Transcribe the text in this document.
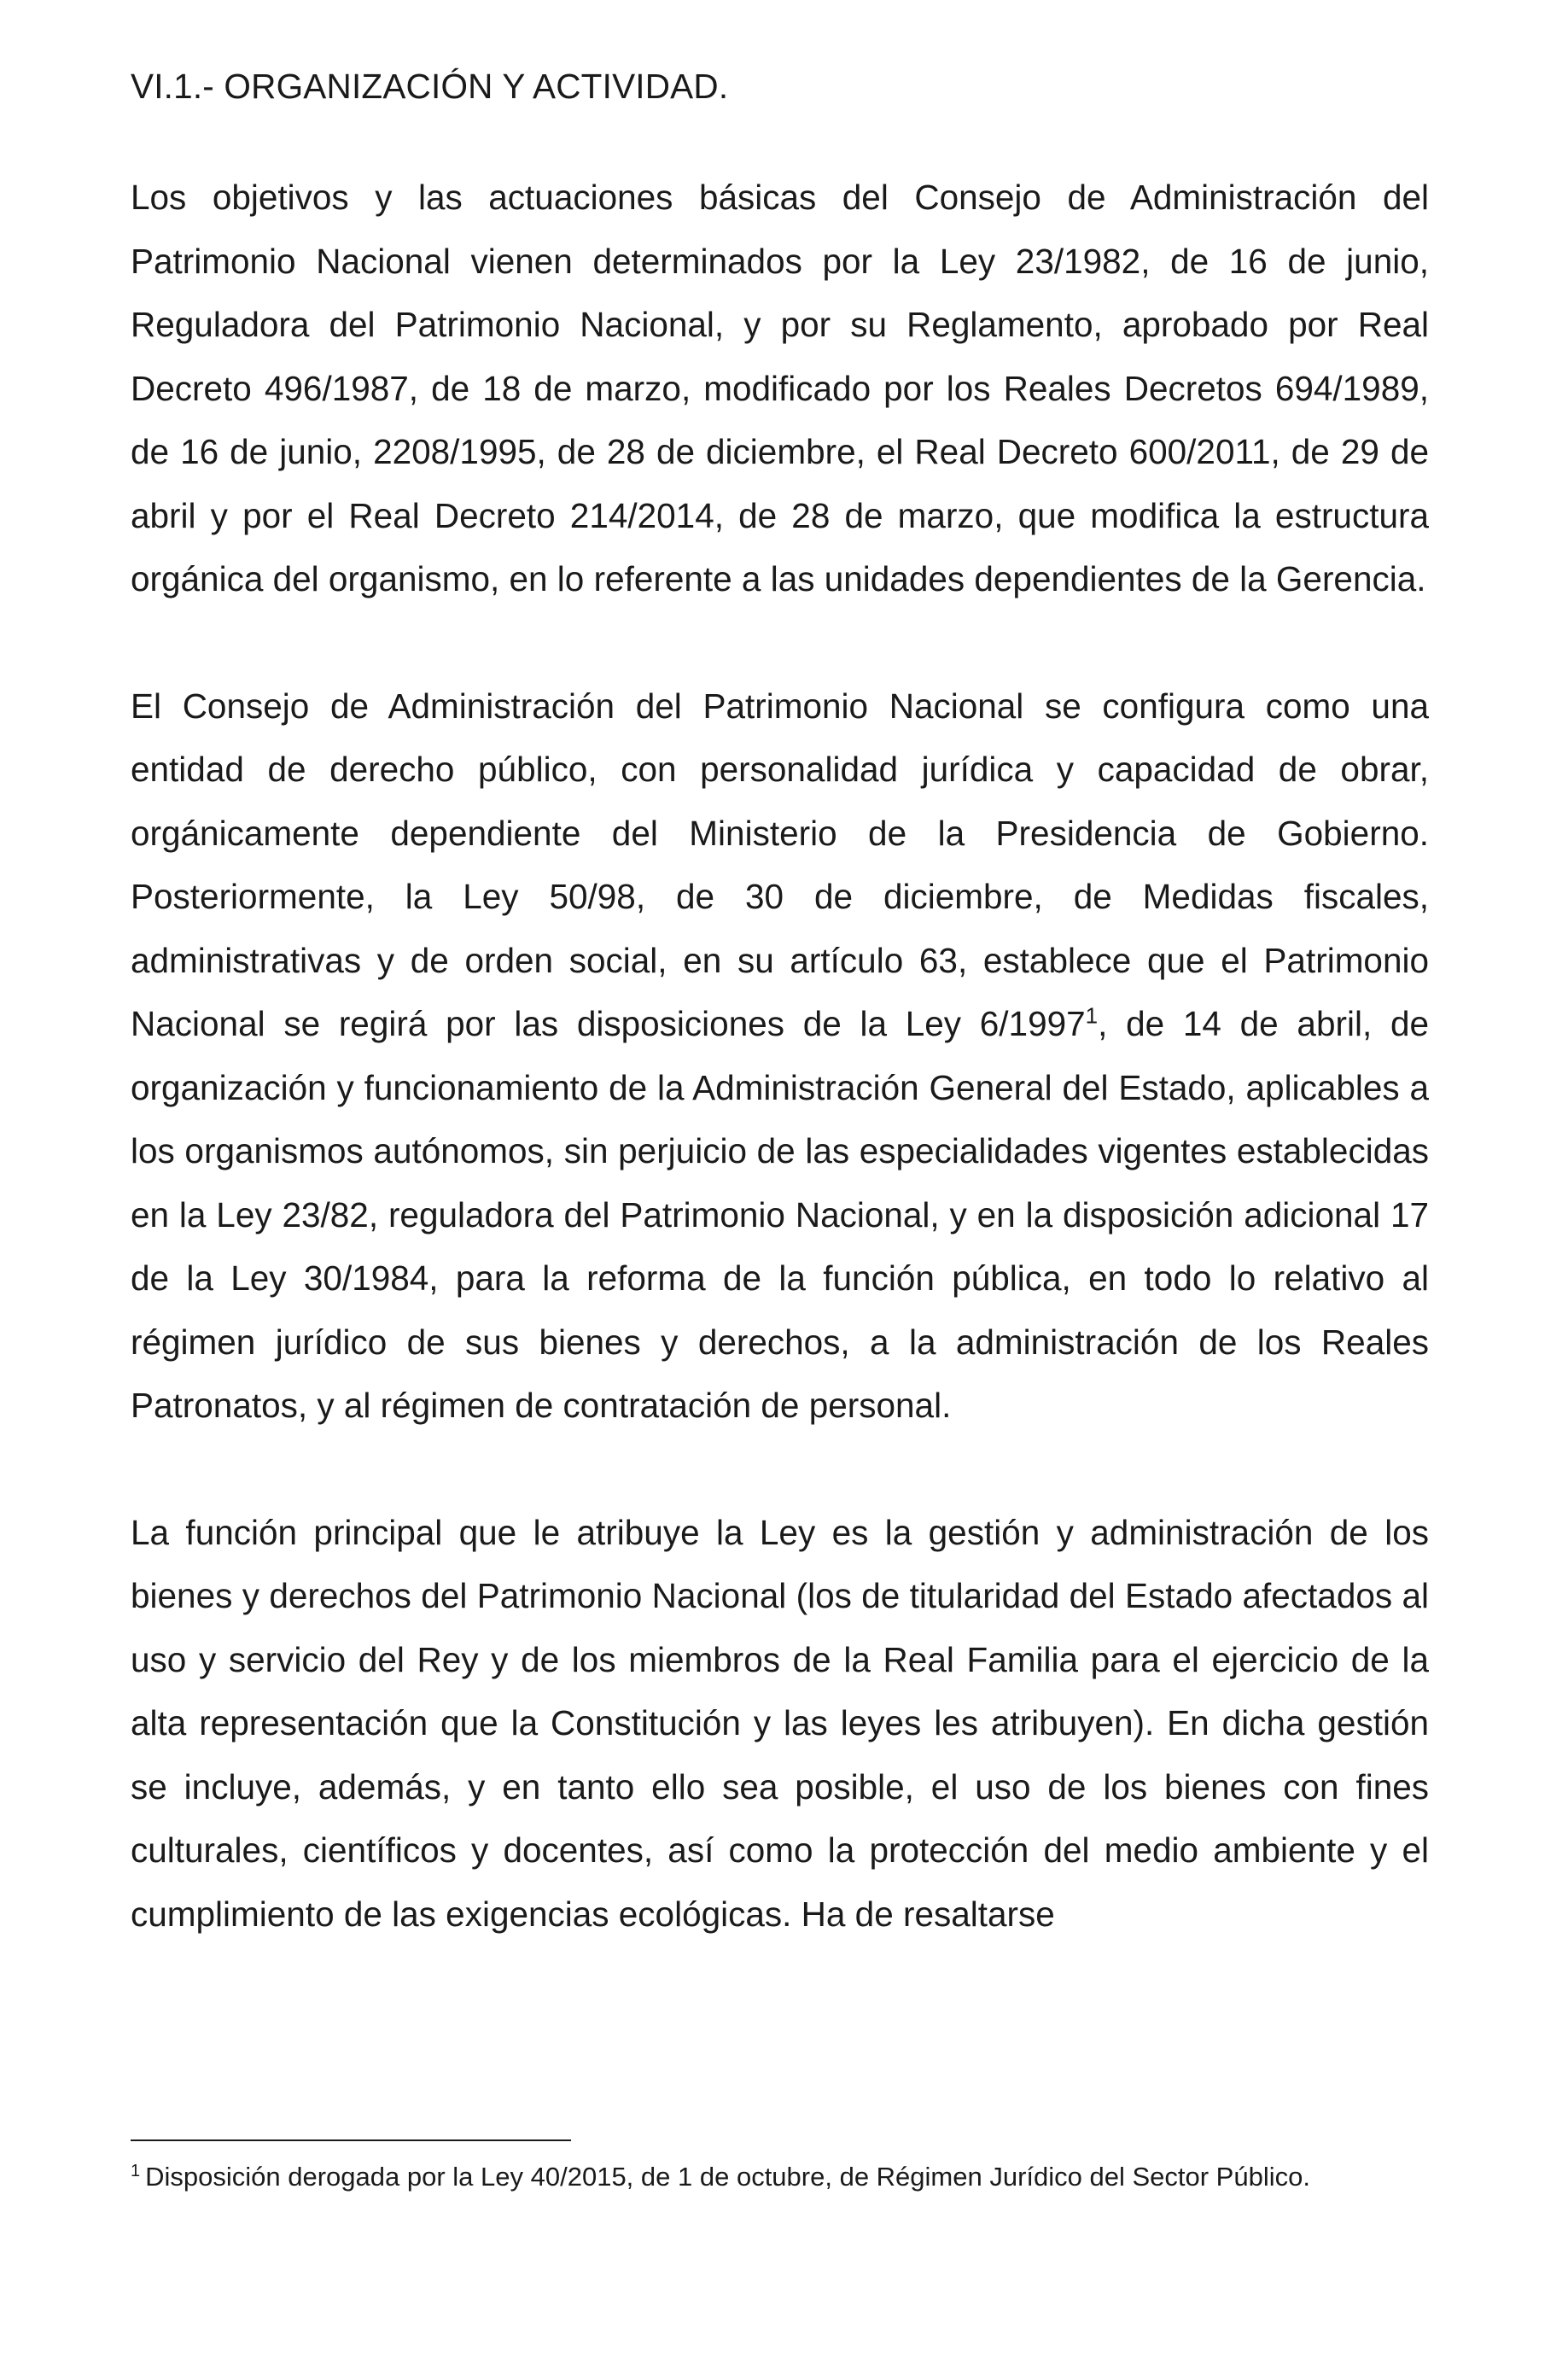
VI.1.- ORGANIZACIÓN Y ACTIVIDAD.

Los objetivos y las actuaciones básicas del Consejo de Administración del Patrimonio Nacional vienen determinados por la Ley 23/1982, de 16 de junio, Reguladora del Patrimonio Nacional, y por su Reglamento, aprobado por Real Decreto 496/1987, de 18 de marzo, modificado por los Reales Decretos 694/1989, de 16 de junio, 2208/1995, de 28 de diciembre, el Real Decreto 600/2011, de 29 de abril y por el Real Decreto 214/2014, de 28 de marzo, que modifica la estructura orgánica del organismo, en lo referente a las unidades dependientes de la Gerencia.

El Consejo de Administración del Patrimonio Nacional se configura como una entidad de derecho público, con personalidad jurídica y capacidad de obrar, orgánicamente dependiente del Ministerio de la Presidencia de Gobierno. Posteriormente, la Ley 50/98, de 30 de diciembre, de Medidas fiscales, administrativas y de orden social, en su artículo 63, establece que el Patrimonio Nacional se regirá por las disposiciones de la Ley 6/1997$^1$, de 14 de abril, de organización y funcionamiento de la Administración General del Estado, aplicables a los organismos autónomos, sin perjuicio de las especialidades vigentes establecidas en la Ley 23/82, reguladora del Patrimonio Nacional, y en la disposición adicional 17 de la Ley 30/1984, para la reforma de la función pública, en todo lo relativo al régimen jurídico de sus bienes y derechos, a la administración de los Reales Patronatos, y al régimen de contratación de personal.

La función principal que le atribuye la Ley es la gestión y administración de los bienes y derechos del Patrimonio Nacional (los de titularidad del Estado afectados al uso y servicio del Rey y de los miembros de la Real Familia para el ejercicio de la alta representación que la Constitución y las leyes les atribuyen). En dicha gestión se incluye, además, y en tanto ello sea posible, el uso de los bienes con fines culturales, científicos y docentes, así como la protección del medio ambiente y el cumplimiento de las exigencias ecológicas. Ha de resaltarse

$^1$ Disposición derogada por la Ley 40/2015, de 1 de octubre, de Régimen Jurídico del Sector Público.
